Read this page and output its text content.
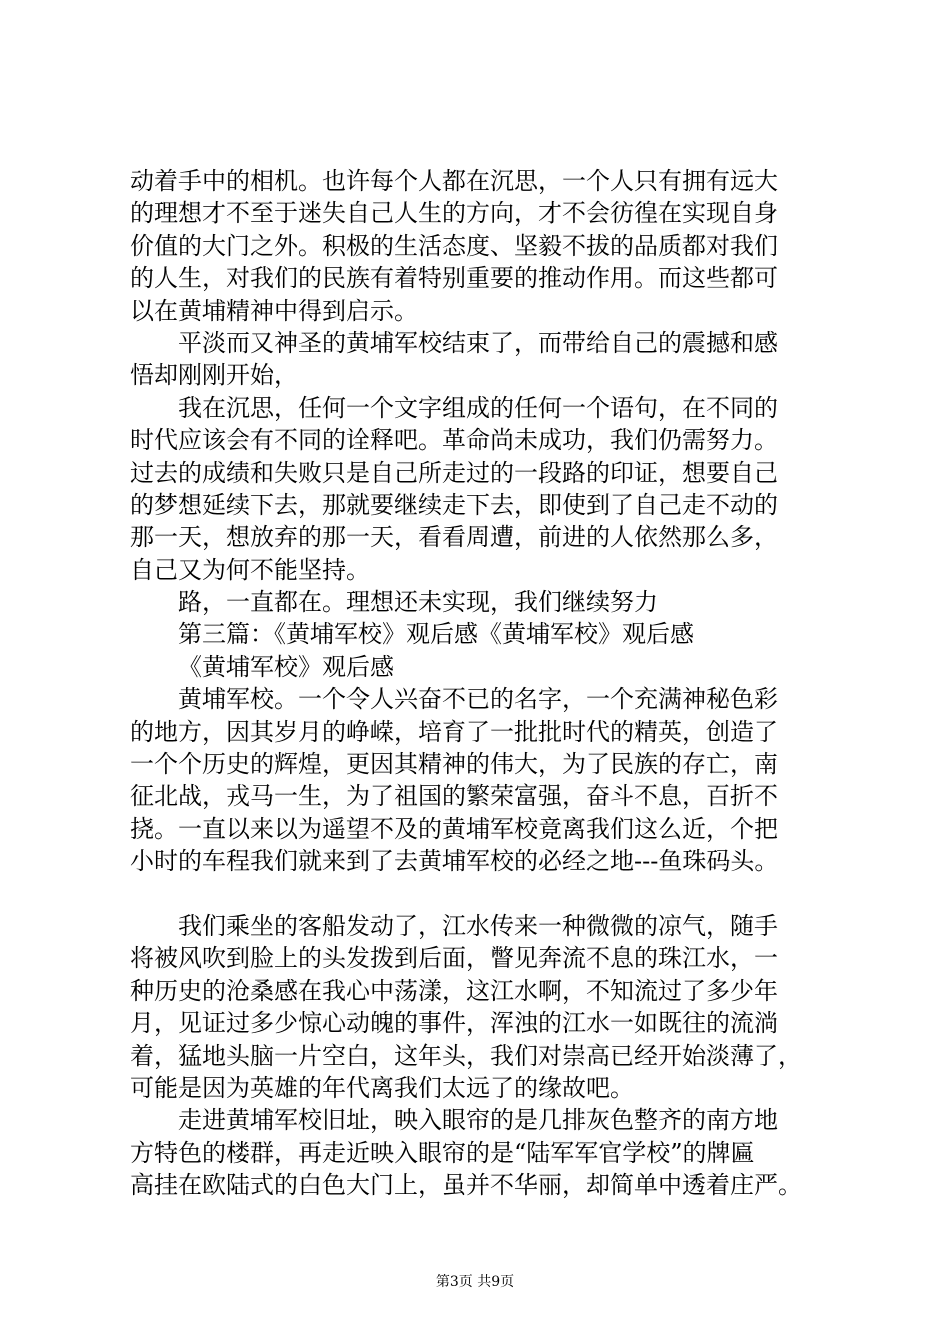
动着手中的相机。也许每个人都在沉思，一个人只有拥有远大
的理想才不至于迷失自己人生的方向，才不会彷徨在实现自身
价值的大门之外。积极的生活态度、坚毅不拔的品质都对我们
的人生，对我们的民族有着特别重要的推动作用。而这些都可
以在黄埔精神中得到启示。
平淡而又神圣的黄埔军校结束了，而带给自己的震撼和感
悟却刚刚开始，
我在沉思，任何一个文字组成的任何一个语句，在不同的
时代应该会有不同的诠释吧。革命尚未成功，我们仍需努力。
过去的成绩和失败只是自己所走过的一段路的印证，想要自己
的梦想延续下去，那就要继续走下去，即使到了自己走不动的
那一天，想放弃的那一天，看看周遭，前进的人依然那么多，
自己又为何不能坚持。
路，一直都在。理想还未实现，我们继续努力
第三篇：《黄埔军校》观后感《黄埔军校》观后感
《黄埔军校》观后感
黄埔军校。一个令人兴奋不已的名字，一个充满神秘色彩
的地方，因其岁月的峥嵘，培育了一批批时代的精英，创造了
一个个历史的辉煌，更因其精神的伟大，为了民族的存亡，南
征北战，戎马一生，为了祖国的繁荣富强，奋斗不息，百折不
挠。一直以来以为遥望不及的黄埔军校竟离我们这么近，个把
小时的车程我们就来到了去黄埔军校的必经之地---鱼珠码头。
我们乘坐的客船发动了，江水传来一种微微的凉气，随手
将被风吹到脸上的头发拨到后面，瞥见奔流不息的珠江水，一
种历史的沧桑感在我心中荡漾，这江水啊，不知流过了多少年
月，见证过多少惊心动魄的事件，浑浊的江水一如既往的流淌
着，猛地头脑一片空白，这年头，我们对崇高已经开始淡薄了，
可能是因为英雄的年代离我们太远了的缘故吧。
走进黄埔军校旧址，映入眼帘的是几排灰色整齐的南方地
方特色的楼群，再走近映入眼帘的是“陆军军官学校”的牌匾
高挂在欧陆式的白色大门上，虽并不华丽，却简单中透着庄严。
第3页 共9页
